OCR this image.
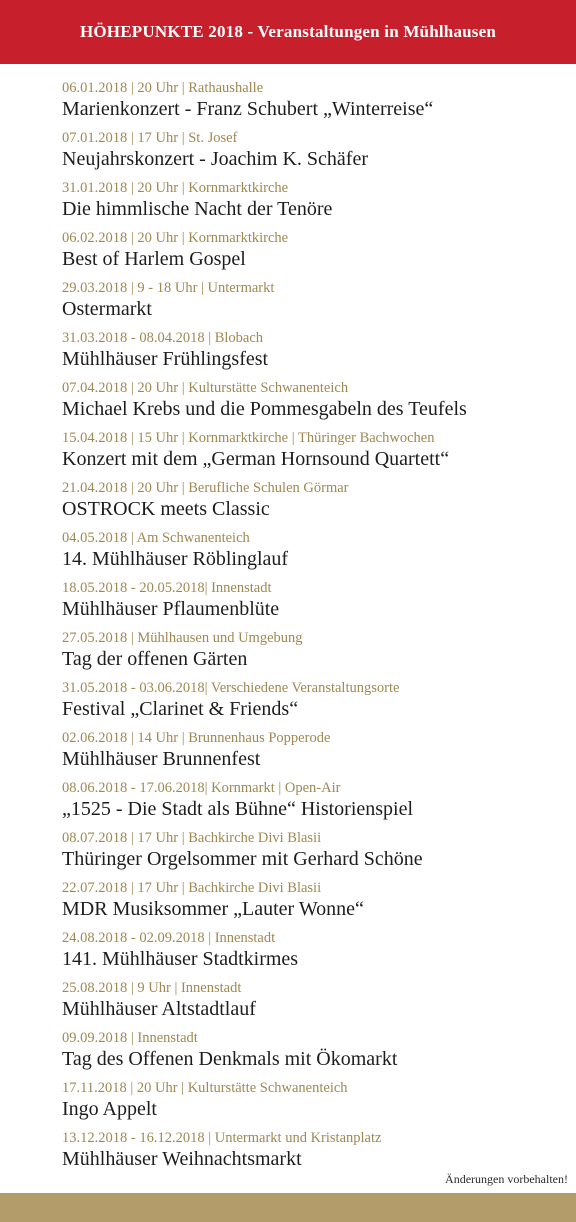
HÖHEPUNKTE 2018 - Veranstaltungen in Mühlhausen
06.01.2018 | 20 Uhr | Rathaushalle
Marienkonzert - Franz Schubert „Winterreise“
07.01.2018 | 17 Uhr | St. Josef
Neujahrskonzert - Joachim K. Schäfer
31.01.2018 | 20 Uhr | Kornmarktkirche
Die himmlische Nacht der Tenöre
06.02.2018 | 20 Uhr | Kornmarktkirche
Best of Harlem Gospel
29.03.2018 | 9 - 18 Uhr | Untermarkt
Ostermarkt
31.03.2018 - 08.04.2018 | Blobach
Mühlhäuser Frühlingsfest
07.04.2018 | 20 Uhr | Kulturstätte Schwanenteich
Michael Krebs und die Pommesgabeln des Teufels
15.04.2018 | 15 Uhr | Kornmarktkirche | Thüringer Bachwochen
Konzert mit dem „German Hornsound Quartett“
21.04.2018 | 20 Uhr | Berufliche Schulen Görmar
OSTROCK meets Classic
04.05.2018 | Am Schwanenteich
14. Mühlhäuser Röblinglauf
18.05.2018 - 20.05.2018| Innenstadt
Mühlhäuser Pflaumenblüte
27.05.2018 | Mühlhausen und Umgebung
Tag der offenen Gärten
31.05.2018 - 03.06.2018| Verschiedene Veranstaltungsorte
Festival „Clarinet & Friends“
02.06.2018 | 14 Uhr | Brunnenhaus Popperode
Mühlhäuser Brunnenfest
08.06.2018 - 17.06.2018| Kornmarkt | Open-Air
„1525 - Die Stadt als Bühne“ Historienspiel
08.07.2018 | 17 Uhr | Bachkirche Divi Blasii
Thüringer Orgelsommer mit Gerhard Schöne
22.07.2018 | 17 Uhr | Bachkirche Divi Blasii
MDR Musiksommer „Lauter Wonne“
24.08.2018 - 02.09.2018 | Innenstadt
141. Mühlhäuser Stadtkirmes
25.08.2018 | 9 Uhr | Innenstadt
Mühlhäuser Altstadtlauf
09.09.2018 | Innenstadt
Tag des Offenen Denkmals mit Ökomarkt
17.11.2018 | 20 Uhr | Kulturstätte Schwanenteich
Ingo Appelt
13.12.2018 - 16.12.2018 | Untermarkt und Kristanplatz
Mühlhäuser Weihnachtsmarkt
Änderungen vorbehalten!
